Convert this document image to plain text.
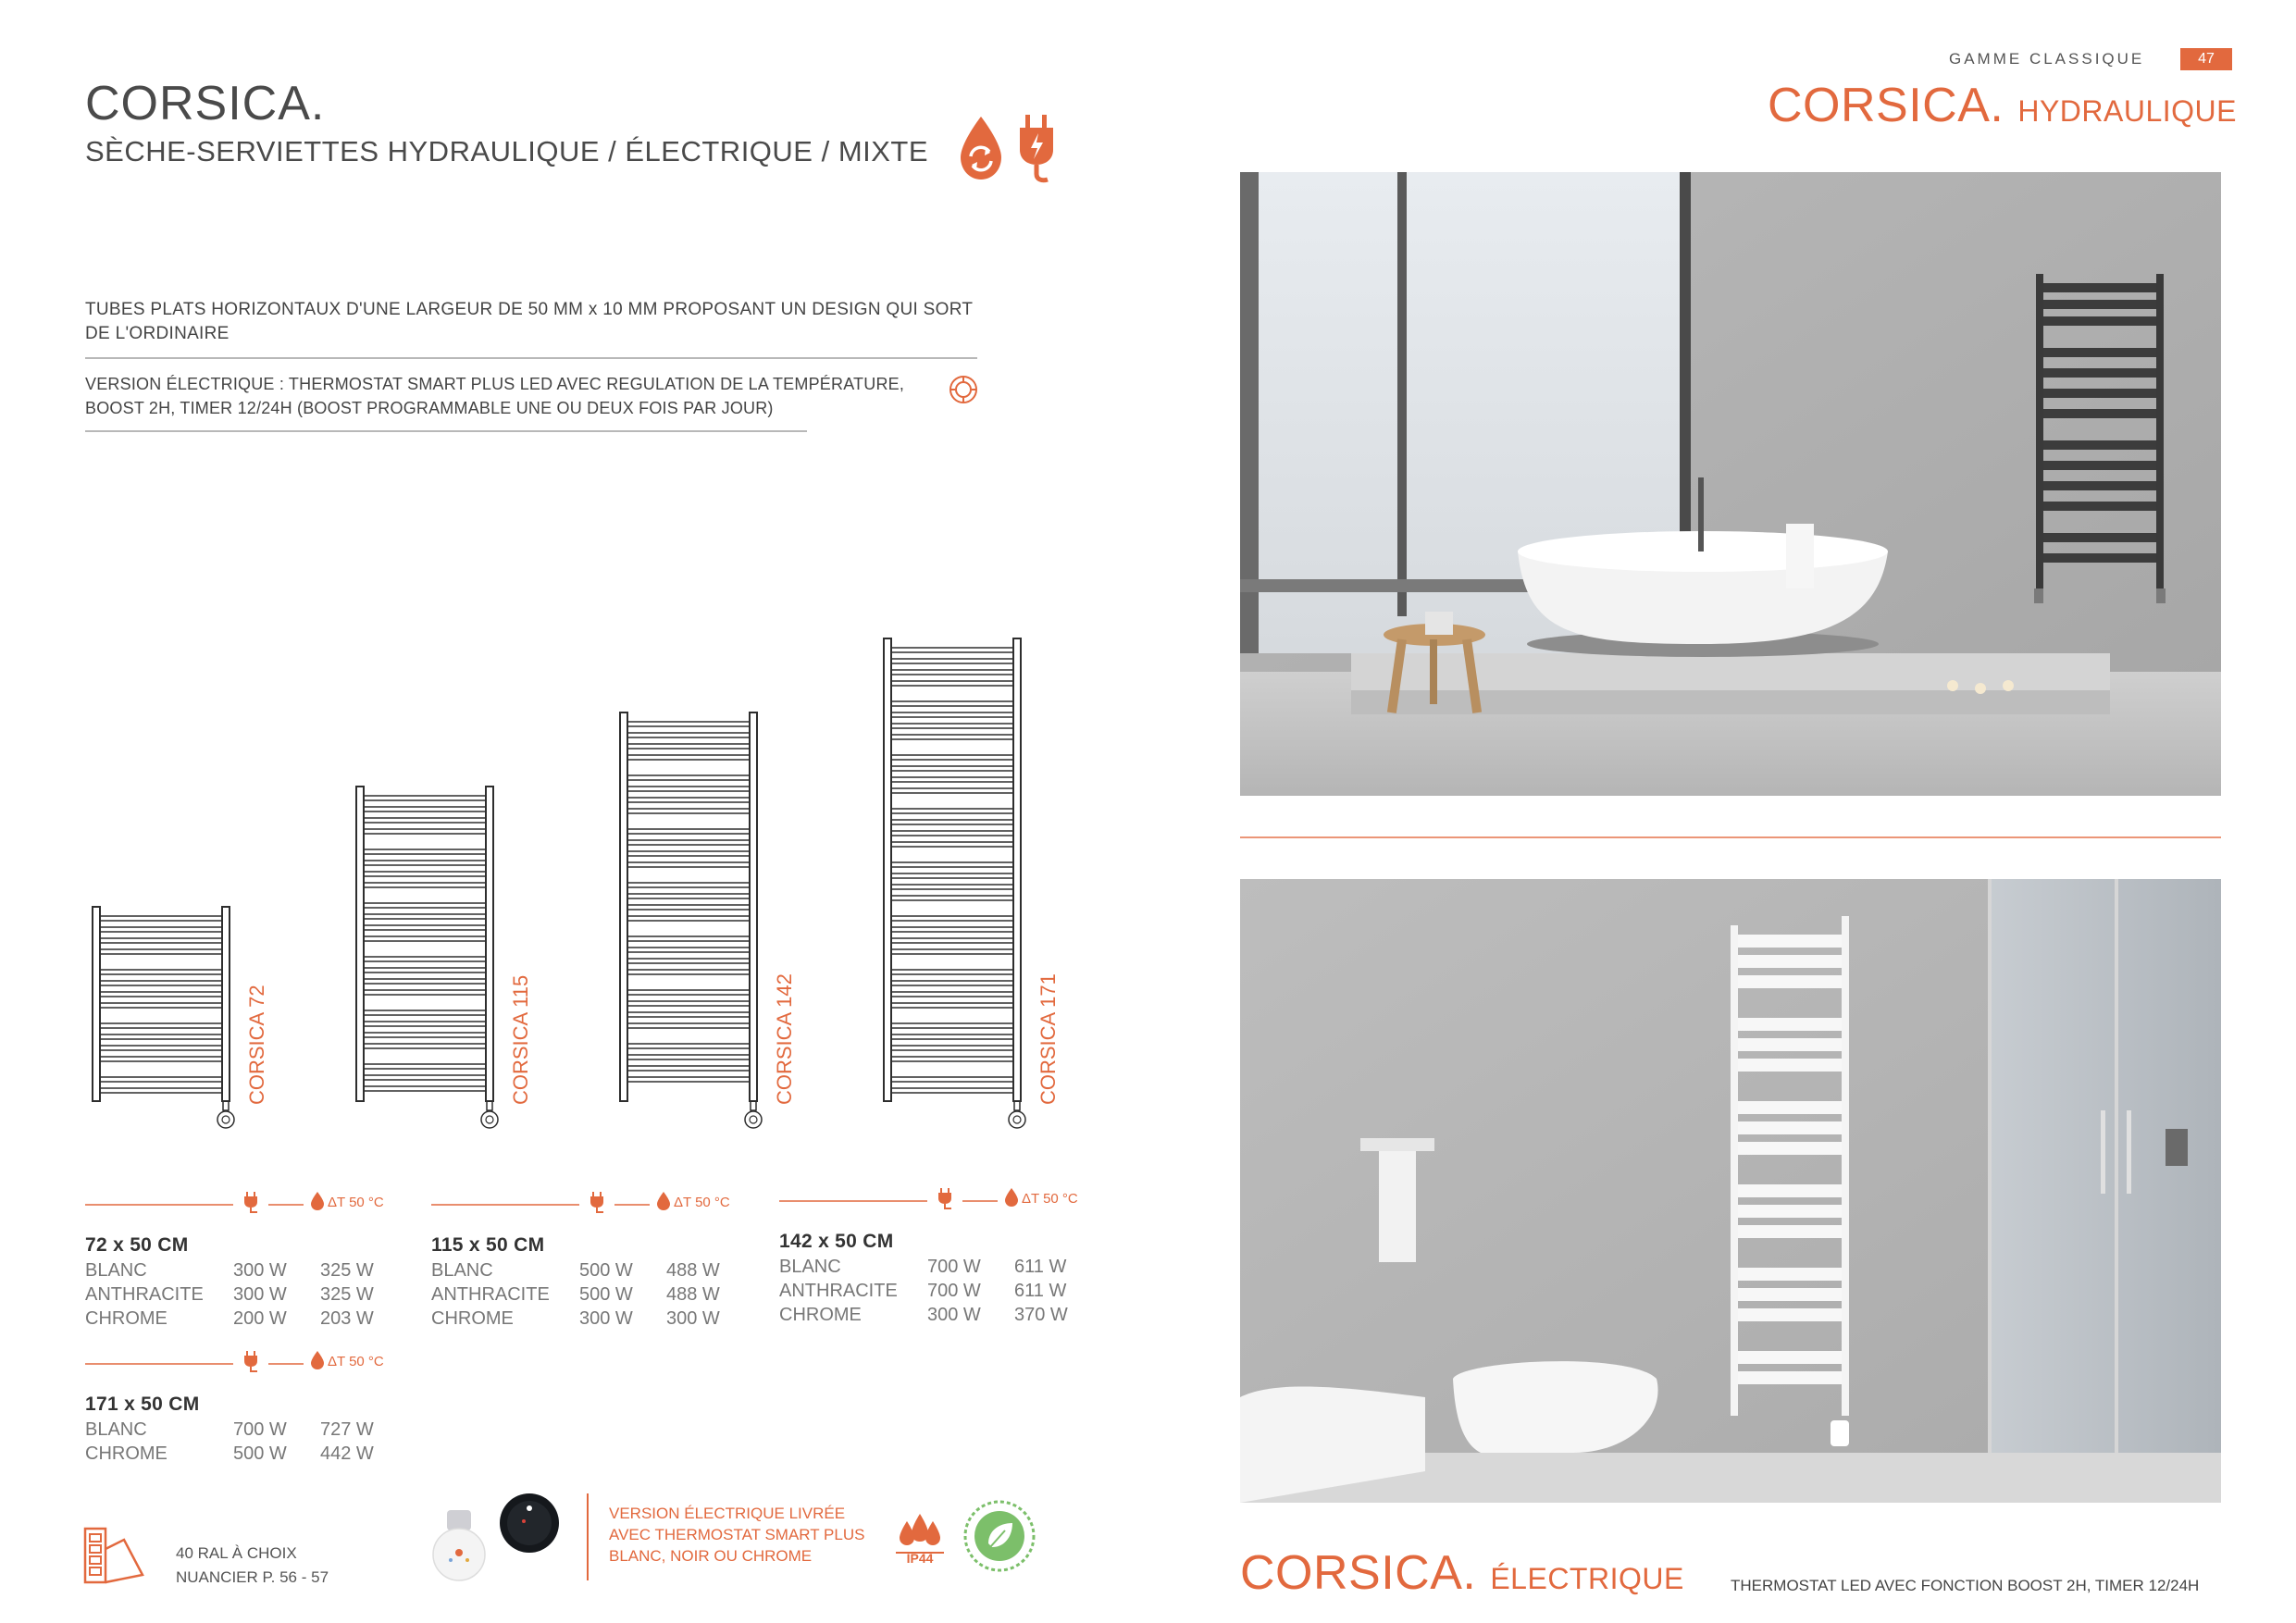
CORSICA.
SÈCHE-SERVIETTES HYDRAULIQUE / ÉLECTRIQUE / MIXTE
TUBES PLATS HORIZONTAUX D'UNE LARGEUR DE 50 MM x 10 MM PROPOSANT UN DESIGN QUI SORT DE L'ORDINAIRE
VERSION ÉLECTRIQUE : THERMOSTAT SMART PLUS LED AVEC REGULATION DE LA TEMPÉRATURE, BOOST 2H, TIMER 12/24H (BOOST PROGRAMMABLE UNE OU DEUX FOIS PAR JOUR)
CORSICA 72	CORSICA 115	CORSICA 142	CORSICA 171
ΔT 50 °C
72 x 50 CM
BLANC	300 W 325 W
ANTHRACITE 300 W 325 W
CHROME	200 W 203 W
ΔT 50 °C
115 x 50 CM
BLANC	500 W 488 W
ANTHRACITE 500 W 488 W
CHROME	300 W 300 W
ΔT 50 °C
142 x 50 CM
BLANC	700 W 611 W
ANTHRACITE 700 W 611 W
CHROME	300 W 370 W
ΔT 50 °C
171 x 50 CM
BLANC	700 W 727 W
CHROME	500 W 442 W
40 RAL À CHOIX
NUANCIER P. 56 - 57
VERSION ÉLECTRIQUE LIVRÉE
AVEC THERMOSTAT SMART PLUS
BLANC, NOIR OU CHROME	IP44
GAMME CLASSIQUE	47
CORSICA. HYDRAULIQUE
CORSICA. ÉLECTRIQUE	THERMOSTAT LED AVEC FONCTION BOOST 2H, TIMER 12/24H
